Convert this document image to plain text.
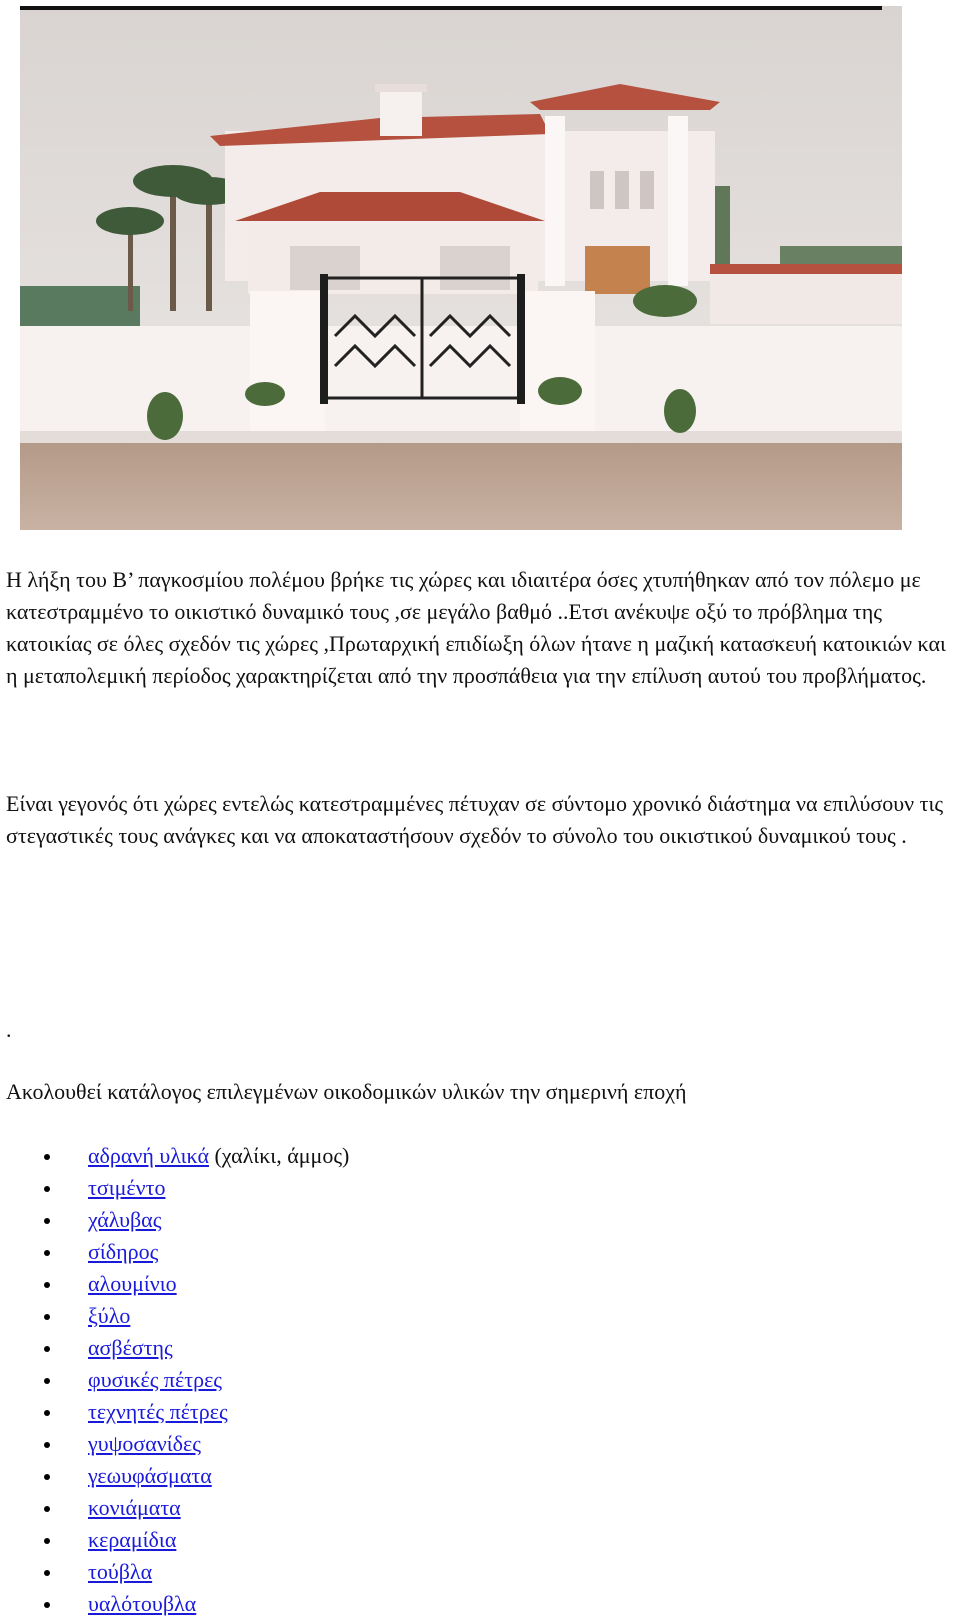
Η λήξη του Β’ παγκοσμίου πολέμου βρήκε τις χώρες και ιδιαιτέρα όσες χτυπήθηκαν από τον πόλεμο με κατεστραμμένο το οικιστικό δυναμικό τους ,σε μεγάλο βαθμό ..Ετσι ανέκυψε οξύ το πρόβλημα της κατοικίας σε όλες σχεδόν τις χώρες ,Πρωταρχική επιδίωξη όλων ήτανε η μαζική κατασκευή κατοικιών και η μεταπολεμική περίοδος χαρακτηρίζεται από την προσπάθεια για την επίλυση αυτού του προβλήματος.
Είναι γεγονός ότι χώρες εντελώς κατεστραμμένες πέτυχαν σε σύντομο χρονικό διάστημα να επιλύσουν τις στεγαστικές τους ανάγκες και να αποκαταστήσουν σχεδόν το σύνολο του οικιστικού δυναμικού τους .
.
Ακολουθεί κατάλογος επιλεγμένων οικοδομικών υλικών την σημερινή εποχή
αδρανή υλικά (χαλίκι, άμμος)
τσιμέντο
χάλυβας
σίδηρος
αλουμίνιο
ξύλο
ασβέστης
φυσικές πέτρες
τεχνητές πέτρες
γυψοσανίδες
γεωυφάσματα
κονιάματα
κεραμίδια
τούβλα
υαλότουβλα
